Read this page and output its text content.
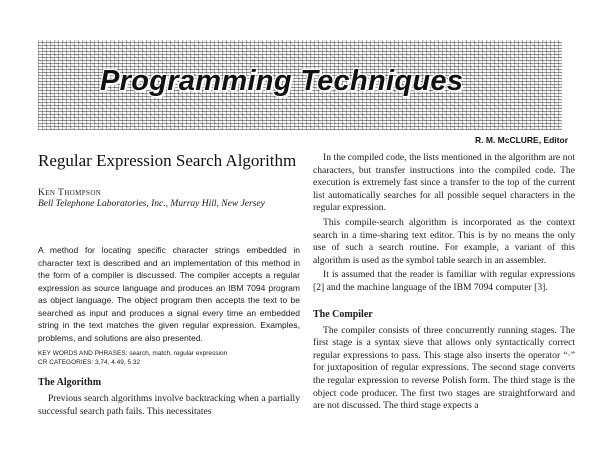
Programming Techniques
R. M. McCLURE, Editor
Regular Expression Search Algorithm
Ken Thompson
Bell Telephone Laboratories, Inc., Murray Hill, New Jersey
A method for locating specific character strings embedded in character text is described and an implementation of this method in the form of a compiler is discussed. The compiler accepts a regular expression as source language and produces an IBM 7094 program as object language. The object program then accepts the text to be searched as input and produces a signal every time an embedded string in the text matches the given regular expression. Examples, problems, and solutions are also presented.
KEY WORDS AND PHRASES: search, match, regular expression
CR CATEGORIES: 3.74, 4.49, 5.32
The Algorithm

Previous search algorithms involve backtracking when a partially successful search path fails. This necessitates

In the compiled code, the lists mentioned in the algorithm are not characters, but transfer instructions into the compiled code. The execution is extremely fast since a transfer to the top of the current list automatically searches for all possible sequel characters in the regular expression.

This compile-search algorithm is incorporated as the context search in a time-sharing text editor. This is by no means the only use of such a search routine. For example, a variant of this algorithm is used as the symbol table search in an assembler.

It is assumed that the reader is familiar with regular expressions [2] and the machine language of the IBM 7094 computer [3].

The Compiler

The compiler consists of three concurrently running stages. The first stage is a syntax sieve that allows only syntactically correct regular expressions to pass. This stage also inserts the operator “·” for juxtaposition of regular expressions. The second stage converts the regular expression to reverse Polish form. The third stage is the object code producer. The first two stages are straightforward and are not discussed. The third stage expects a
